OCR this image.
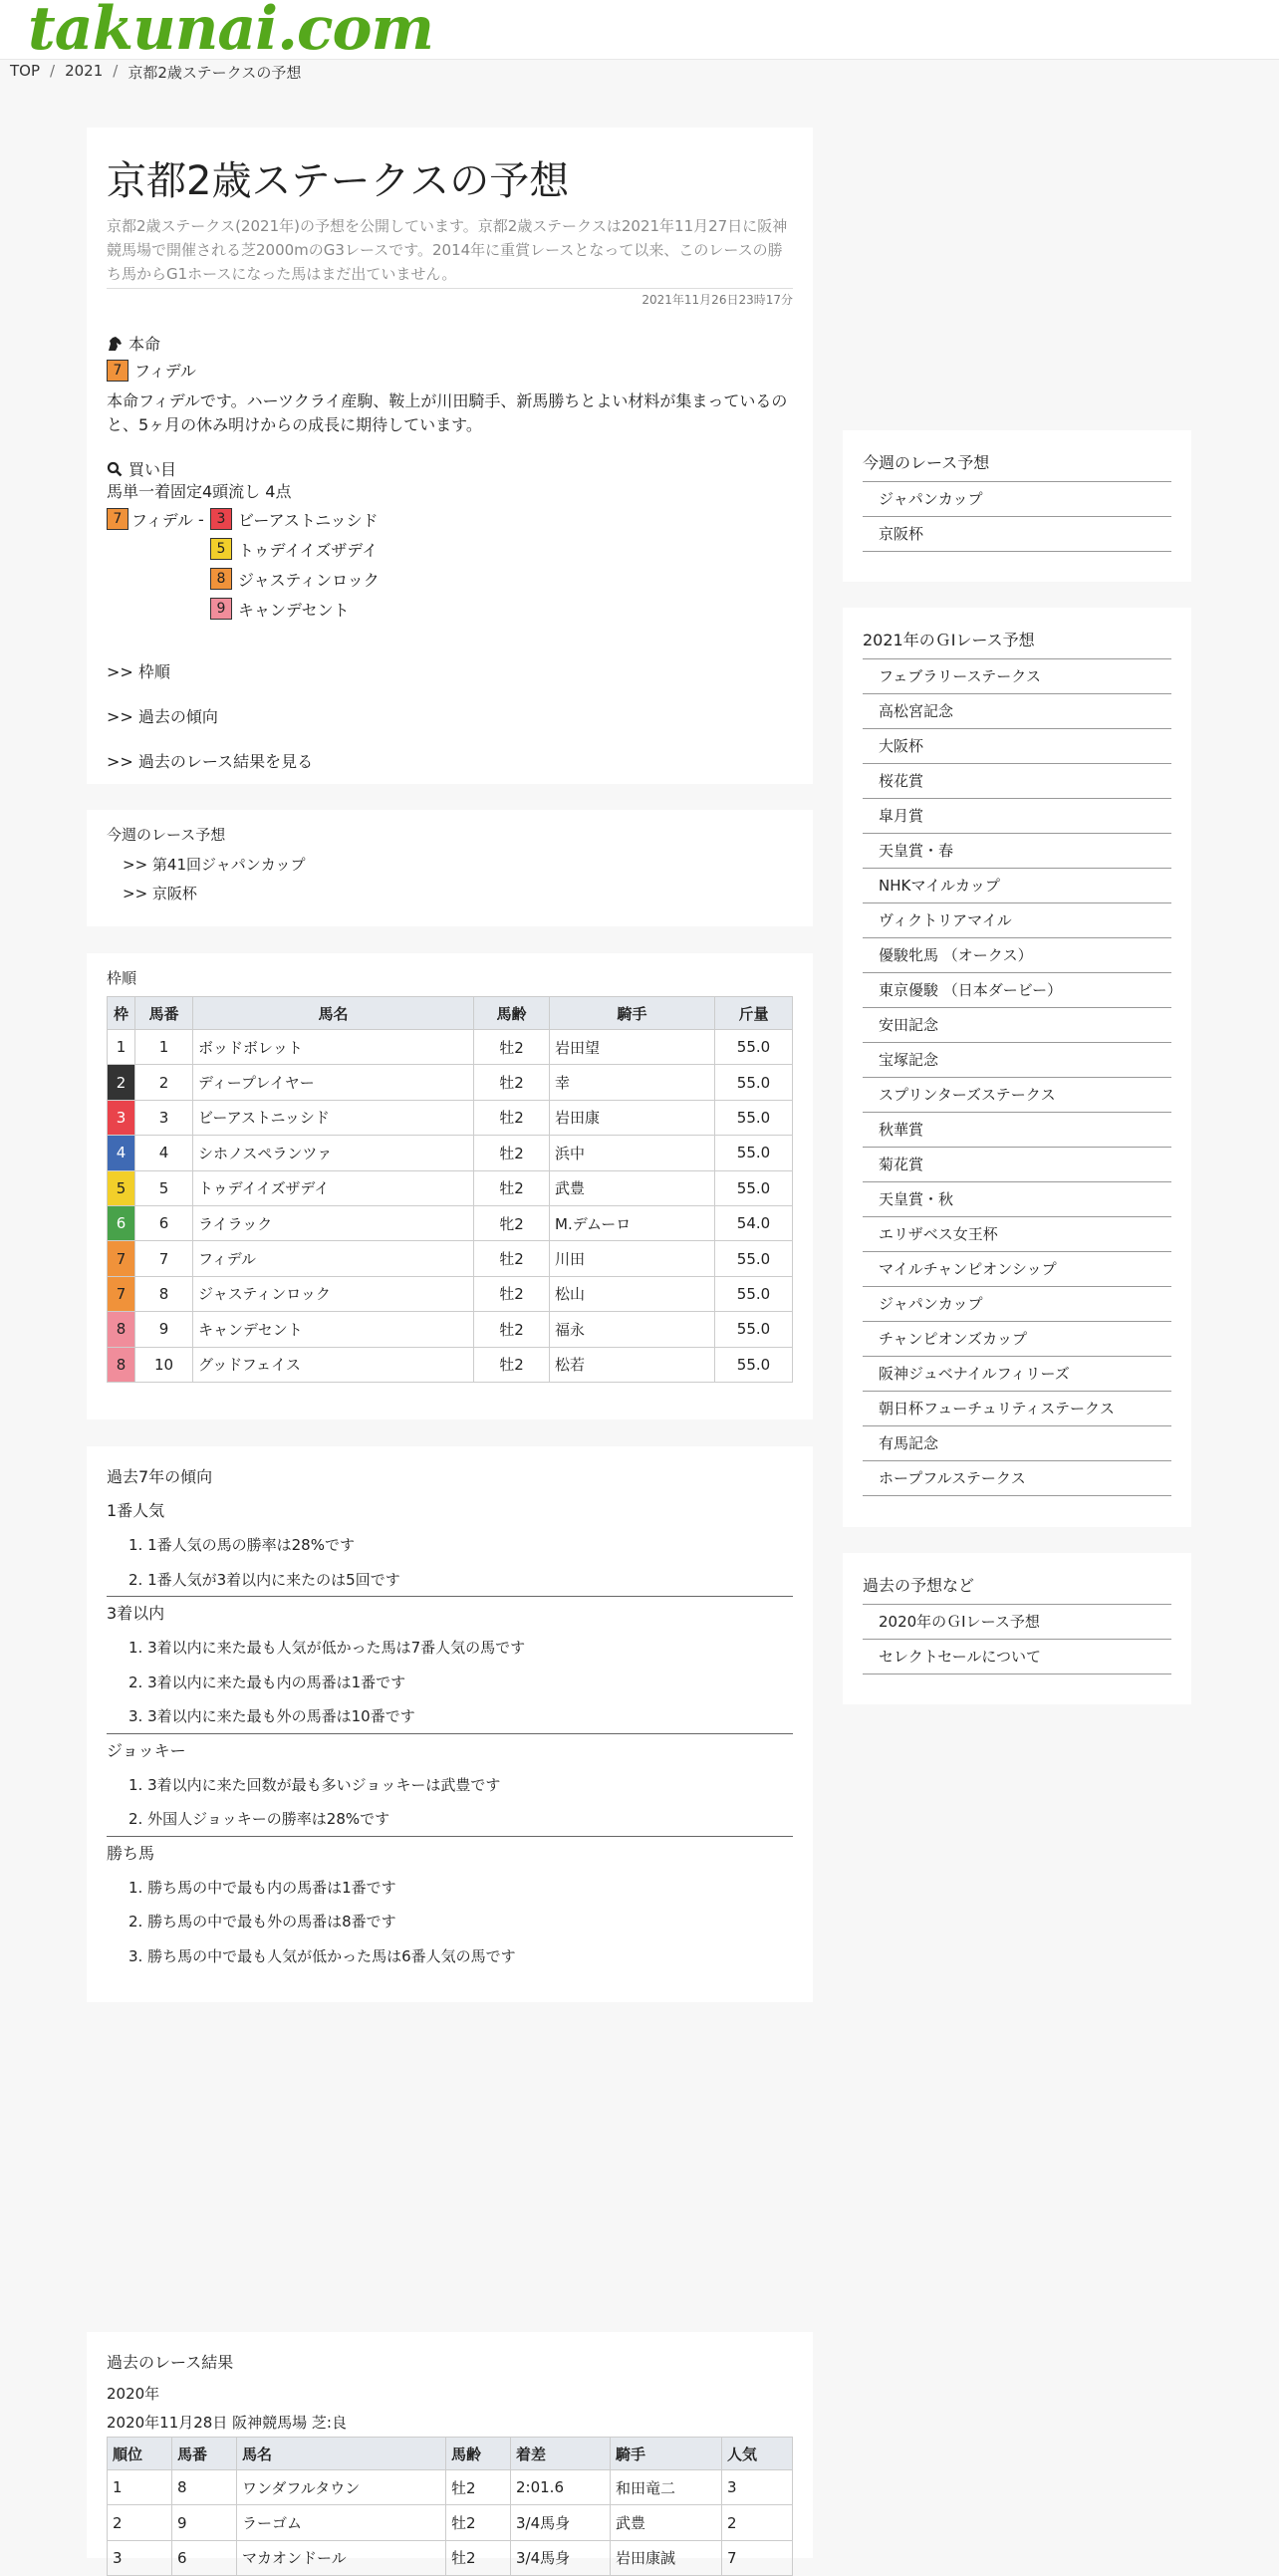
takunai.com
TOP / 2021 / 京都2歳ステークスの予想
京都2歳ステークスの予想

京都2歳ステークス(2021年)の予想を公開しています。京都2歳ステークスは2021年11月27日に阪神競馬場で開催される芝2000mのG3レースです。2014年に重賞レースとなって以来、このレースの勝ち馬からG1ホースになった馬はまだ出ていません。

2021年11月26日23時17分
本命
7 フィデル

本命フィデルです。ハーツクライ産駒、鞍上が川田騎手、新馬勝ちとよい材料が集まっているのと、5ヶ月の休み明けからの成長に期待しています。

買い目
馬単一着固定4頭流し 4点
7 フィデル - 3 ビーアストニッシド
5 トゥデイイズザデイ
8 ジャスティンロック
9 キャンデセント
>> 枠順
>> 過去の傾向
>> 過去のレース結果を見る
今週のレース予想
>> 第41回ジャパンカップ
>> 京阪杯
枠順
枠	馬番	馬名	馬齢	騎手	斤量
1	1	ボッドボレット	牡2	岩田望	55.0
2	2	ディープレイヤー	牡2	幸	55.0
3	3	ビーアストニッシド	牡2	岩田康	55.0
4	4	シホノスペランツァ	牡2	浜中	55.0
5	5	トゥデイイズザデイ	牡2	武豊	55.0
6	6	ライラック	牝2	M.デムーロ	54.0
7	7	フィデル	牡2	川田	55.0
7	8	ジャスティンロック	牡2	松山	55.0
8	9	キャンデセント	牡2	福永	55.0
8	10	グッドフェイス	牡2	松若	55.0
過去7年の傾向
1番人気
1. 1番人気の馬の勝率は28%です
2. 1番人気が3着以内に来たのは5回です
3着以内
1. 3着以内に来た最も人気が低かった馬は7番人気の馬です
2. 3着以内に来た最も内の馬番は1番です
3. 3着以内に来た最も外の馬番は10番です
ジョッキー
1. 3着以内に来た回数が最も多いジョッキーは武豊です
2. 外国人ジョッキーの勝率は28%です
勝ち馬
1. 勝ち馬の中で最も内の馬番は1番です
2. 勝ち馬の中で最も外の馬番は8番です
3. 勝ち馬の中で最も人気が低かった馬は6番人気の馬です
過去のレース結果
2020年
2020年11月28日 阪神競馬場 芝:良
順位	馬番	馬名	馬齢	着差	騎手	人気
1	8	ワンダフルタウン	牡2	2:01.6	和田竜二	3
2	9	ラーゴム	牡2	3/4馬身	武豊	2
3	6	マカオンドール	牡2	3/4馬身	岩田康誠	7
今週のレース予想
ジャパンカップ
京阪杯
2021年のＧⅠレース予想
フェブラリーステークス
高松宮記念
大阪杯
桜花賞
皐月賞
天皇賞・春
NHKマイルカップ
ヴィクトリアマイル
優駿牝馬 （オークス）
東京優駿 （日本ダービー）
安田記念
宝塚記念
スプリンターズステークス
秋華賞
菊花賞
天皇賞・秋
エリザベス女王杯
マイルチャンピオンシップ
ジャパンカップ
チャンピオンズカップ
阪神ジュベナイルフィリーズ
朝日杯フューチュリティステークス
有馬記念
ホープフルステークス
過去の予想など
2020年のＧⅠレース予想
セレクトセールについて
